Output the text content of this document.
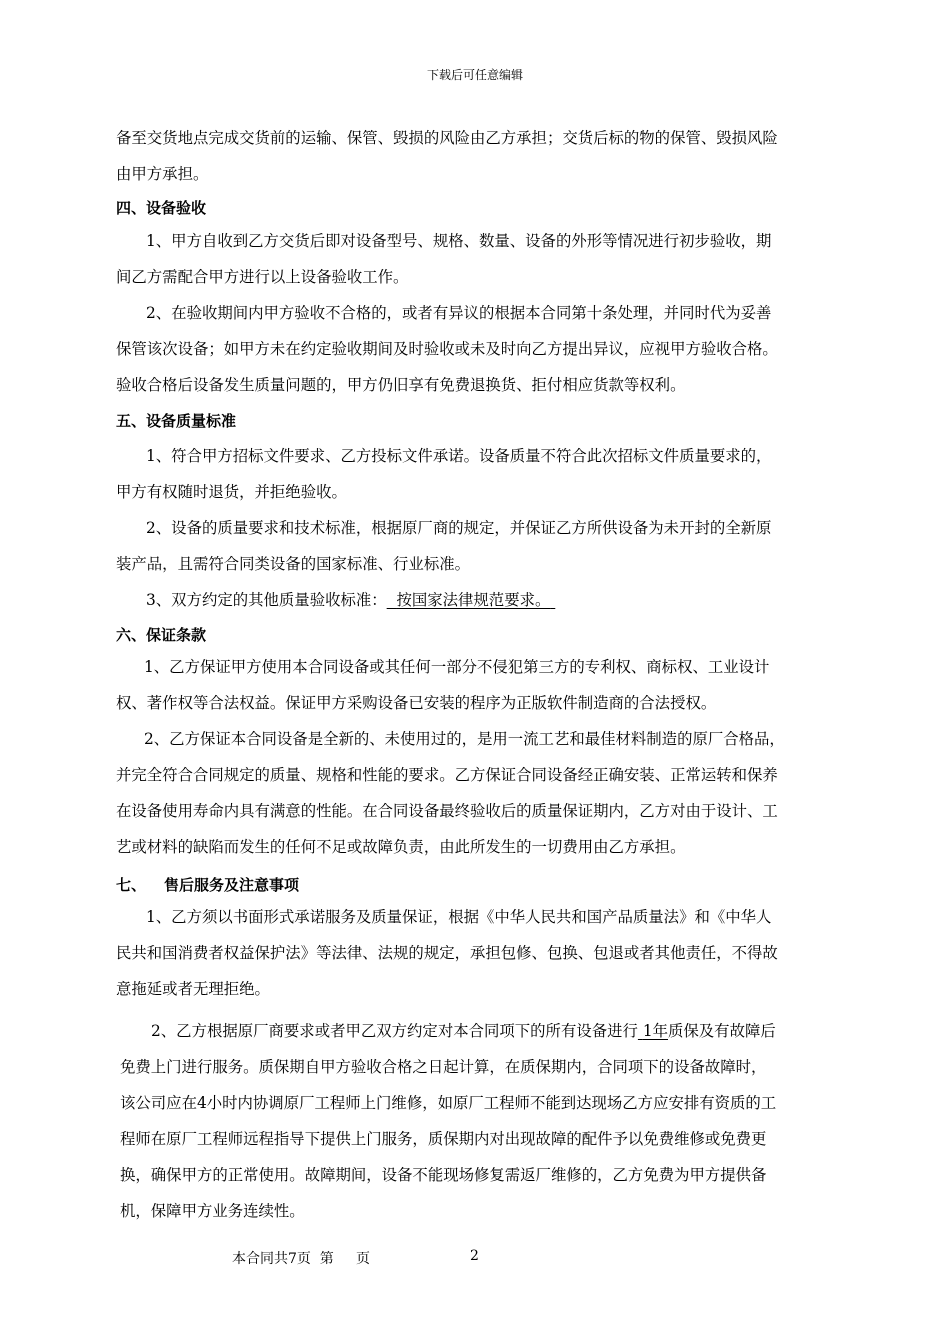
下载后可任意编辑
备至交货地点完成交货前的运输、保管、毁损的风险由乙方承担；交货后标的物的保管、毁损风险
由甲方承担。
四、设备验收
1、甲方自收到乙方交货后即对设备型号、规格、数量、设备的外形等情况进行初步验收，期
间乙方需配合甲方进行以上设备验收工作。
2、在验收期间内甲方验收不合格的，或者有异议的根据本合同第十条处理，并同时代为妥善
保管该次设备；如甲方未在约定验收期间及时验收或未及时向乙方提出异议，应视甲方验收合格。
验收合格后设备发生质量问题的，甲方仍旧享有免费退换货、拒付相应货款等权利。
五、设备质量标准
1、符合甲方招标文件要求、乙方投标文件承诺。设备质量不符合此次招标文件质量要求的，
甲方有权随时退货，并拒绝验收。
2、设备的质量要求和技术标准，根据原厂商的规定，并保证乙方所供设备为未开封的全新原
装产品，且需符合同类设备的国家标准、行业标准。
3、双方约定的其他质量验收标准： 按国家法律规范要求。
六、保证条款
1、乙方保证甲方使用本合同设备或其任何一部分不侵犯第三方的专利权、商标权、工业设计
权、著作权等合法权益。保证甲方采购设备已安装的程序为正版软件制造商的合法授权。
2、乙方保证本合同设备是全新的、未使用过的，是用一流工艺和最佳材料制造的原厂合格品，
并完全符合合同规定的质量、规格和性能的要求。乙方保证合同设备经正确安装、正常运转和保养
在设备使用寿命内具有满意的性能。在合同设备最终验收后的质量保证期内，乙方对由于设计、工
艺或材料的缺陷而发生的任何不足或故障负责，由此所发生的一切费用由乙方承担。
七、 售后服务及注意事项
1、乙方须以书面形式承诺服务及质量保证，根据《中华人民共和国产品质量法》和《中华人
民共和国消费者权益保护法》等法律、法规的规定，承担包修、包换、包退或者其他责任，不得故
意拖延或者无理拒绝。
2、乙方根据原厂商要求或者甲乙双方约定对本合同项下的所有设备进行 1年质保及有故障后
免费上门进行服务。质保期自甲方验收合格之日起计算，在质保期内，合同项下的设备故障时，
该公司应在4小时内协调原厂工程师上门维修，如原厂工程师不能到达现场乙方应安排有资质的工
程师在原厂工程师远程指导下提供上门服务，质保期内对出现故障的配件予以免费维修或免费更
换，确保甲方的正常使用。故障期间，设备不能现场修复需返厂维修的，乙方免费为甲方提供备
机，保障甲方业务连续性。
本合同共7页  第     页	2
